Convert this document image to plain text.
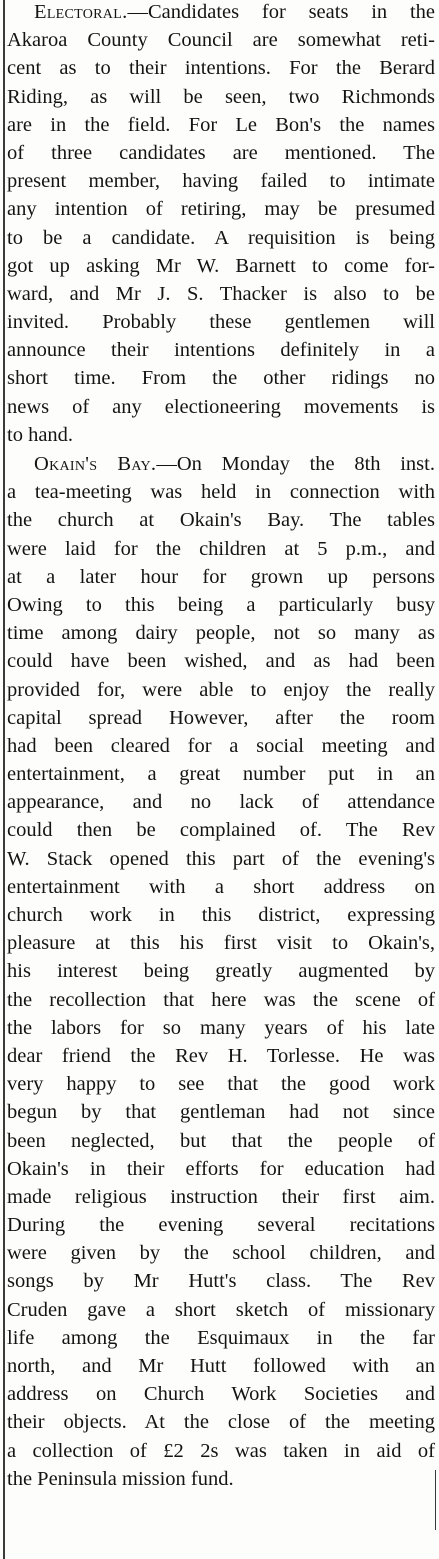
Electoral.—Candidates for seats in the
Akaroa County Council are somewhat reti-
cent as to their intentions. For the Berard
Riding, as will be seen, two Richmonds
are in the field. For Le Bon's the names
of three candidates are mentioned. The
present member, having failed to intimate
any intention of retiring, may be presumed
to be a candidate. A requisition is being
got up asking Mr W. Barnett to come for-
ward, and Mr J. S. Thacker is also to be
invited. Probably these gentlemen will
announce their intentions definitely in a
short time. From the other ridings no
news of any electioneering movements is
to hand.
Okain's Bay.—On Monday the 8th inst.
a tea-meeting was held in connection with
the church at Okain's Bay. The tables
were laid for the children at 5 p.m., and
at a later hour for grown up persons
Owing to this being a particularly busy
time among dairy people, not so many as
could have been wished, and as had been
provided for, were able to enjoy the really
capital spread However, after the room
had been cleared for a social meeting and
entertainment, a great number put in an
appearance, and no lack of attendance
could then be complained of. The Rev
W. Stack opened this part of the evening's
entertainment with a short address on
church work in this district, expressing
pleasure at this his first visit to Okain's,
his interest being greatly augmented by
the recollection that here was the scene of
the labors for so many years of his late
dear friend the Rev H. Torlesse. He was
very happy to see that the good work
begun by that gentleman had not since
been neglected, but that the people of
Okain's in their efforts for education had
made religious instruction their first aim.
During the evening several recitations
were given by the school children, and
songs by Mr Hutt's class. The Rev
Cruden gave a short sketch of missionary
life among the Esquimaux in the far
north, and Mr Hutt followed with an
address on Church Work Societies and
their objects. At the close of the meeting
a collection of £2 2s was taken in aid of
the Peninsula mission fund.
